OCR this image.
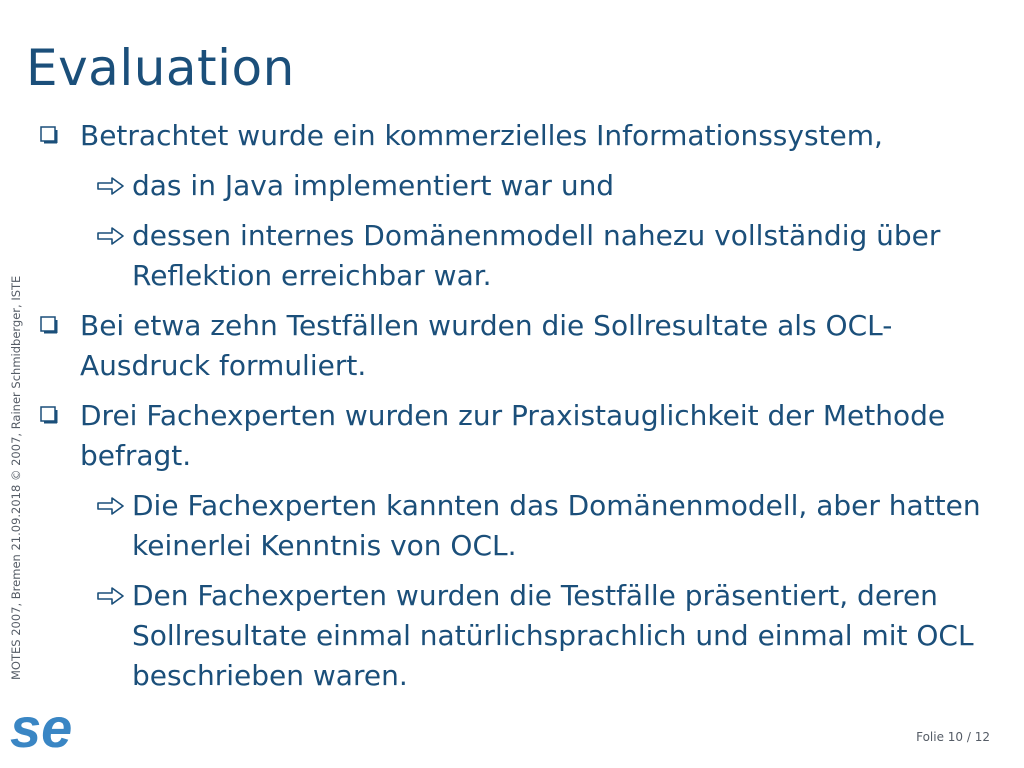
Evaluation
MOTES 2007, Bremen 21.09.2018 © 2007, Rainer Schmidberger, ISTE
Betrachtet wurde ein kommerzielles Informationssystem,
das in Java implementiert war und
dessen internes Domänenmodell nahezu vollständig über Reflektion erreichbar war.
Bei etwa zehn Testfällen wurden die Sollresultate als OCL-Ausdruck formuliert.
Drei Fachexperten wurden zur Praxistauglichkeit der Methode befragt.
Die Fachexperten kannten das Domänenmodell, aber hatten keinerlei Kenntnis von OCL.
Den Fachexperten wurden die Testfälle präsentiert, deren Sollresultate einmal natürlichsprachlich und einmal mit OCL beschrieben waren.
se	Folie 10 / 12
